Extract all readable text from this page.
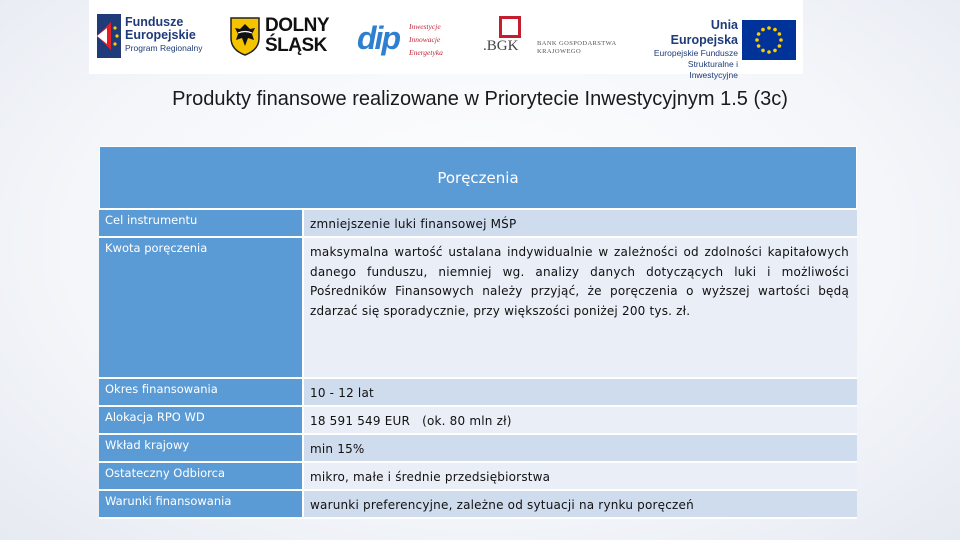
Fundusze
Europejskie
Program Regionalny
DOLNY
ŚLĄSK dip Inwestycje
Innowacje
Energetyka	.BGK	BANK GOSPODARSTWA
KRAJOWEGO
Unia Europejska
Europejskie Fundusze
Strukturalne i Inwestycyjne
Produkty finansowe realizowane w Priorytecie Inwestycyjnym 1.5 (3c)
Poręczenia
Cel instrumentu	zmniejszenie luki finansowej MŚP
Kwota poręczenia	maksymalna wartość ustalana indywidualnie w zależności od zdolności kapitałowych danego funduszu, niemniej wg. analizy danych dotyczących luki i możliwości Pośredników Finansowych należy przyjąć, że poręczenia o wyższej wartości będą zdarzać się sporadycznie, przy większości poniżej 200 tys. zł.
Okres finansowania	10 - 12 lat
Alokacja RPO WD	18 591 549 EUR   (ok. 80 mln zł)
Wkład krajowy	min 15%
Ostateczny Odbiorca	mikro, małe i średnie przedsiębiorstwa
Warunki finansowania	warunki preferencyjne, zależne od sytuacji na rynku poręczeń
